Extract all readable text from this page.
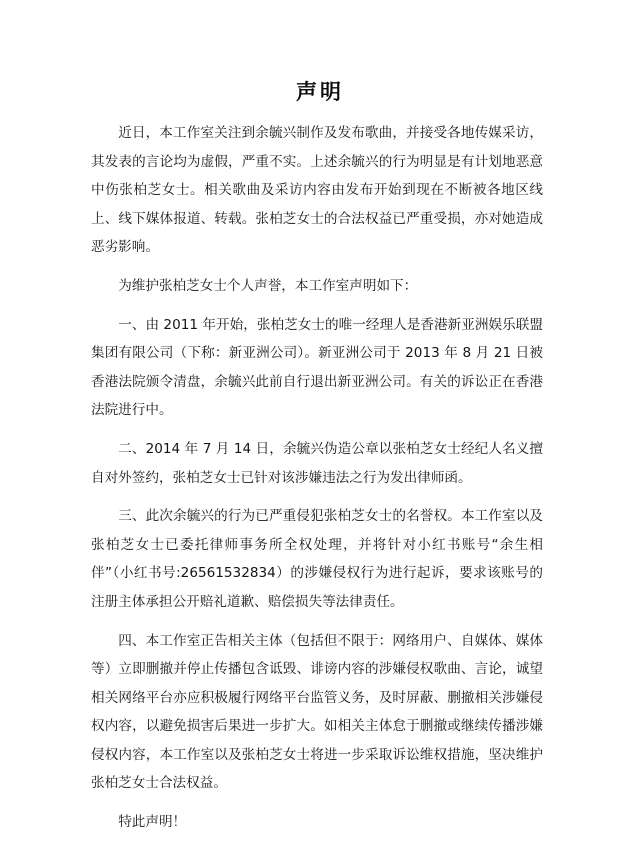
声明

近日，本工作室关注到余毓兴制作及发布歌曲，并接受各地传媒采访，其发表的言论均为虚假，严重不实。上述余毓兴的行为明显是有计划地恶意中伤张柏芝女士。相关歌曲及采访内容由发布开始到现在不断被各地区线上、线下媒体报道、转载。张柏芝女士的合法权益已严重受损，亦对她造成恶劣影响。

为维护张柏芝女士个人声誉，本工作室声明如下：

一、由 2011 年开始，张柏芝女士的唯一经理人是香港新亚洲娱乐联盟集团有限公司（下称：新亚洲公司）。新亚洲公司于 2013 年 8 月 21 日被香港法院颁令清盘，余毓兴此前自行退出新亚洲公司。有关的诉讼正在香港法院进行中。

二、2014 年 7 月 14 日，余毓兴伪造公章以张柏芝女士经纪人名义擅自对外签约，张柏芝女士已针对该涉嫌违法之行为发出律师函。

三、此次余毓兴的行为已严重侵犯张柏芝女士的名誉权。本工作室以及张柏芝女士已委托律师事务所全权处理，并将针对小红书账号“余生相伴”（小红书号:26561532834）的涉嫌侵权行为进行起诉，要求该账号的注册主体承担公开赔礼道歉、赔偿损失等法律责任。

四、本工作室正告相关主体（包括但不限于：网络用户、自媒体、媒体等）立即删撤并停止传播包含诋毁、诽谤内容的涉嫌侵权歌曲、言论，诚望相关网络平台亦应积极履行网络平台监管义务，及时屏蔽、删撤相关涉嫌侵权内容，以避免损害后果进一步扩大。如相关主体怠于删撤或继续传播涉嫌侵权内容，本工作室以及张柏芝女士将进一步采取诉讼维权措施，坚决维护张柏芝女士合法权益。

特此声明！
